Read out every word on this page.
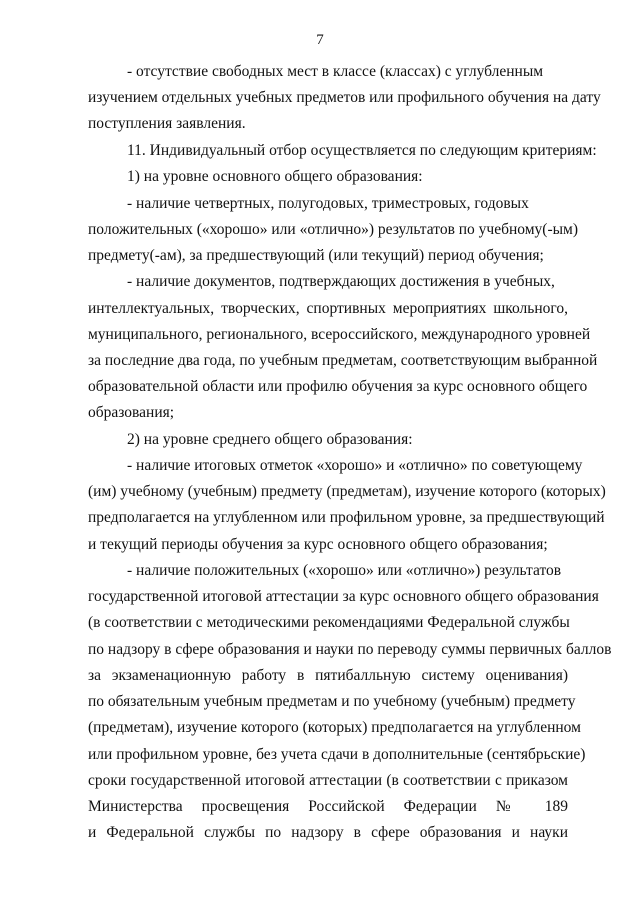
7
- отсутствие свободных мест в классе (классах) с углубленным
изучением отдельных учебных предметов или профильного обучения на дату
поступления заявления.
11. Индивидуальный отбор осуществляется по следующим критериям:
1) на уровне основного общего образования:
- наличие четвертных, полугодовых, триместровых, годовых
положительных («хорошо» или «отлично») результатов по учебному(-ым)
предмету(-ам), за предшествующий (или текущий) период обучения;
- наличие документов, подтверждающих достижения в учебных,
интеллектуальных, творческих, спортивных мероприятиях школьного,
муниципального, регионального, всероссийского, международного уровней
за последние два года, по учебным предметам, соответствующим выбранной
образовательной области или профилю обучения за курс основного общего
образования;
2) на уровне среднего общего образования:
- наличие итоговых отметок «хорошо» и «отлично» по советующему
(им) учебному (учебным) предмету (предметам), изучение которого (которых)
предполагается на углубленном или профильном уровне, за предшествующий
и текущий периоды обучения за курс основного общего образования;
- наличие положительных («хорошо» или «отлично») результатов
государственной итоговой аттестации за курс основного общего образования
(в соответствии с методическими рекомендациями Федеральной службы
по надзору в сфере образования и науки по переводу суммы первичных баллов
за экзаменационную работу в пятибалльную систему оценивания)
по обязательным учебным предметам и по учебному (учебным) предмету
(предметам), изучение которого (которых) предполагается на углубленном
или профильном уровне, без учета сдачи в дополнительные (сентябрьские)
сроки государственной итоговой аттестации (в соответствии с приказом
Министерства просвещения Российской Федерации № 189
и Федеральной службы по надзору в сфере образования и науки
